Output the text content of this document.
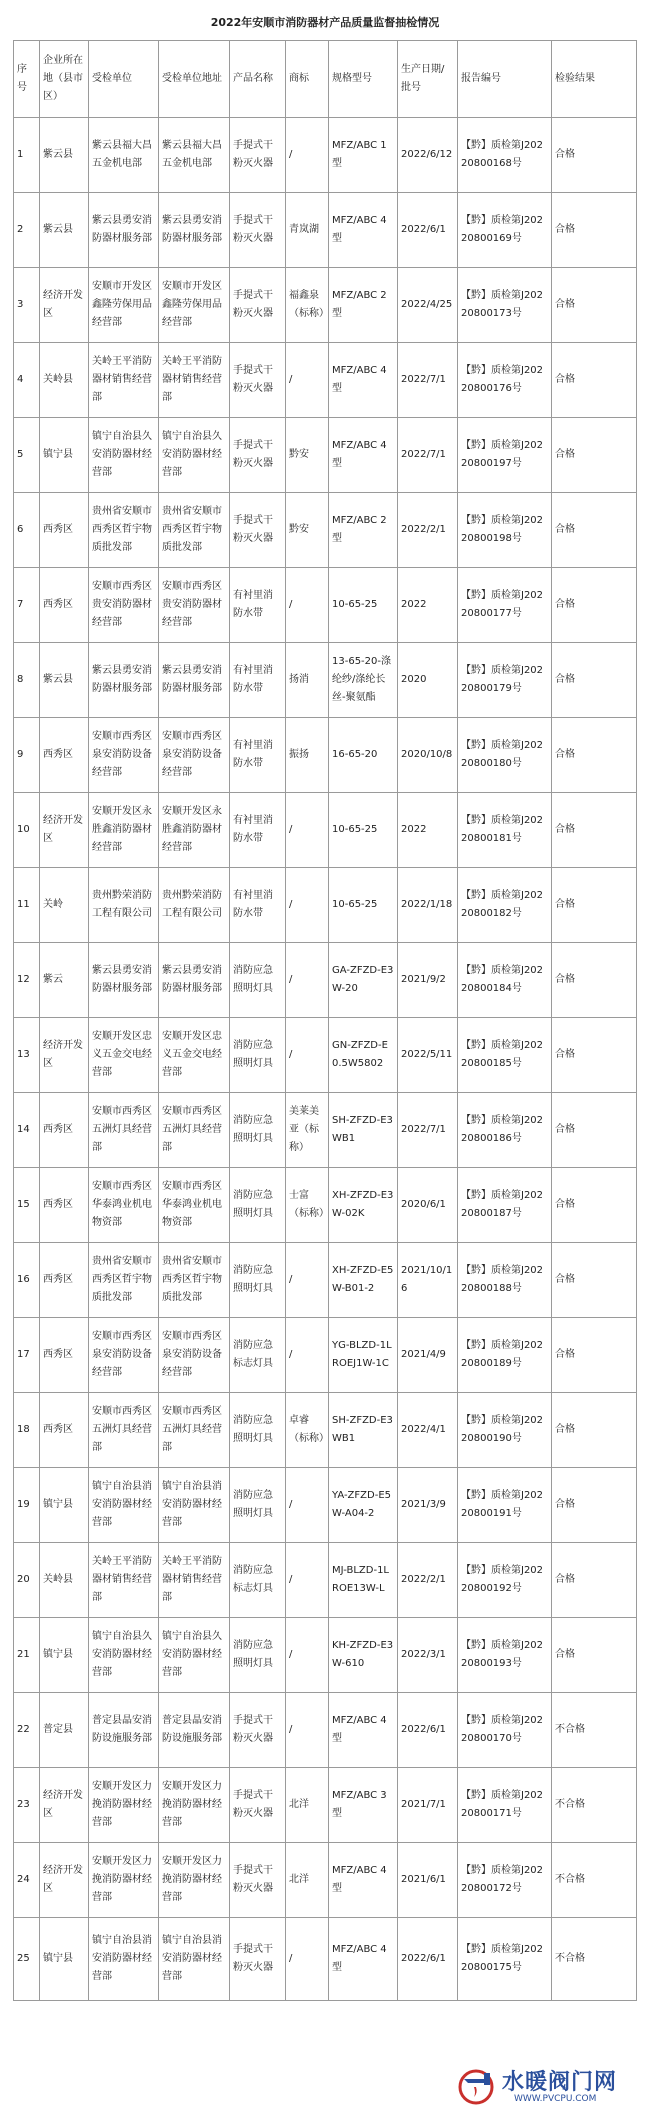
2022年安顺市消防器材产品质量监督抽检情况
序号	企业所在地（县市区）	受检单位	受检单位地址	产品名称	商标	规格型号	生产日期/批号	报告编号	检验结果
1	紫云县	紫云县福大昌五金机电部	紫云县福大昌五金机电部	手提式干粉灭火器	/	MFZ/ABC 1型	2022/6/12	【黔】质检第J20220800168号	合格
2	紫云县	紫云县勇安消防器材服务部	紫云县勇安消防器材服务部	手提式干粉灭火器	青岚湖	MFZ/ABC 4型	2022/6/1	【黔】质检第J20220800169号	合格
3	经济开发区	安顺市开发区鑫隆劳保用品经营部	安顺市开发区鑫隆劳保用品经营部	手提式干粉灭火器	福鑫泉（标称）	MFZ/ABC 2型	2022/4/25	【黔】质检第J20220800173号	合格
4	关岭县	关岭王平消防器材销售经营部	关岭王平消防器材销售经营部	手提式干粉灭火器	/	MFZ/ABC 4型	2022/7/1	【黔】质检第J20220800176号	合格
5	镇宁县	镇宁自治县久安消防器材经营部	镇宁自治县久安消防器材经营部	手提式干粉灭火器	黔安	MFZ/ABC 4型	2022/7/1	【黔】质检第J20220800197号	合格
6	西秀区	贵州省安顺市西秀区哲宇物质批发部	贵州省安顺市西秀区哲宇物质批发部	手提式干粉灭火器	黔安	MFZ/ABC 2型	2022/2/1	【黔】质检第J20220800198号	合格
7	西秀区	安顺市西秀区贵安消防器材经营部	安顺市西秀区贵安消防器材经营部	有衬里消防水带	/	10-65-25	2022	【黔】质检第J20220800177号	合格
8	紫云县	紫云县勇安消防器材服务部	紫云县勇安消防器材服务部	有衬里消防水带	扬消	13-65-20-涤纶纱/涤纶长丝-聚氨酯	2020	【黔】质检第J20220800179号	合格
9	西秀区	安顺市西秀区泉安消防设备经营部	安顺市西秀区泉安消防设备经营部	有衬里消防水带	振扬	16-65-20	2020/10/8	【黔】质检第J20220800180号	合格
10	经济开发区	安顺开发区永胜鑫消防器材经营部	安顺开发区永胜鑫消防器材经营部	有衬里消防水带	/	10-65-25	2022	【黔】质检第J20220800181号	合格
11	关岭	贵州黔荣消防工程有限公司	贵州黔荣消防工程有限公司	有衬里消防水带	/	10-65-25	2022/1/18	【黔】质检第J20220800182号	合格
12	紫云	紫云县勇安消防器材服务部	紫云县勇安消防器材服务部	消防应急照明灯具	/	GA-ZFZD-E3W-20	2021/9/2	【黔】质检第J20220800184号	合格
13	经济开发区	安顺开发区忠义五金交电经营部	安顺开发区忠义五金交电经营部	消防应急照明灯具	/	GN-ZFZD-E0.5W5802	2022/5/11	【黔】质检第J20220800185号	合格
14	西秀区	安顺市西秀区五洲灯具经营部	安顺市西秀区五洲灯具经营部	消防应急照明灯具	美莱美亚（标称）	SH-ZFZD-E3WB1	2022/7/1	【黔】质检第J20220800186号	合格
15	西秀区	安顺市西秀区华泰鸿业机电物资部	安顺市西秀区华泰鸿业机电物资部	消防应急照明灯具	士富（标称）	XH-ZFZD-E3W-02K	2020/6/1	【黔】质检第J20220800187号	合格
16	西秀区	贵州省安顺市西秀区哲宇物质批发部	贵州省安顺市西秀区哲宇物质批发部	消防应急照明灯具	/	XH-ZFZD-E5W-B01-2	2021/10/16	【黔】质检第J20220800188号	合格
17	西秀区	安顺市西秀区泉安消防设备经营部	安顺市西秀区泉安消防设备经营部	消防应急标志灯具	/	YG-BLZD-1LROEJ1W-1C	2021/4/9	【黔】质检第J20220800189号	合格
18	西秀区	安顺市西秀区五洲灯具经营部	安顺市西秀区五洲灯具经营部	消防应急照明灯具	卓睿（标称）	SH-ZFZD-E3WB1	2022/4/1	【黔】质检第J20220800190号	合格
19	镇宁县	镇宁自治县消安消防器材经营部	镇宁自治县消安消防器材经营部	消防应急照明灯具	/	YA-ZFZD-E5W-A04-2	2021/3/9	【黔】质检第J20220800191号	合格
20	关岭县	关岭王平消防器材销售经营部	关岭王平消防器材销售经营部	消防应急标志灯具	/	MJ-BLZD-1LROE13W-L	2022/2/1	【黔】质检第J20220800192号	合格
21	镇宁县	镇宁自治县久安消防器材经营部	镇宁自治县久安消防器材经营部	消防应急照明灯具	/	KH-ZFZD-E3W-610	2022/3/1	【黔】质检第J20220800193号	合格
22	普定县	普定县晶安消防设施服务部	普定县晶安消防设施服务部	手提式干粉灭火器	/	MFZ/ABC 4型	2022/6/1	【黔】质检第J20220800170号	不合格
23	经济开发区	安顺开发区力挽消防器材经营部	安顺开发区力挽消防器材经营部	手提式干粉灭火器	北洋	MFZ/ABC 3型	2021/7/1	【黔】质检第J20220800171号	不合格
24	经济开发区	安顺开发区力挽消防器材经营部	安顺开发区力挽消防器材经营部	手提式干粉灭火器	北洋	MFZ/ABC 4型	2021/6/1	【黔】质检第J20220800172号	不合格
25	镇宁县	镇宁自治县消安消防器材经营部	镇宁自治县消安消防器材经营部	手提式干粉灭火器	/	MFZ/ABC 4型	2022/6/1	【黔】质检第J20220800175号	不合格
水暖阀门网
WWW.PVCPU.COM
